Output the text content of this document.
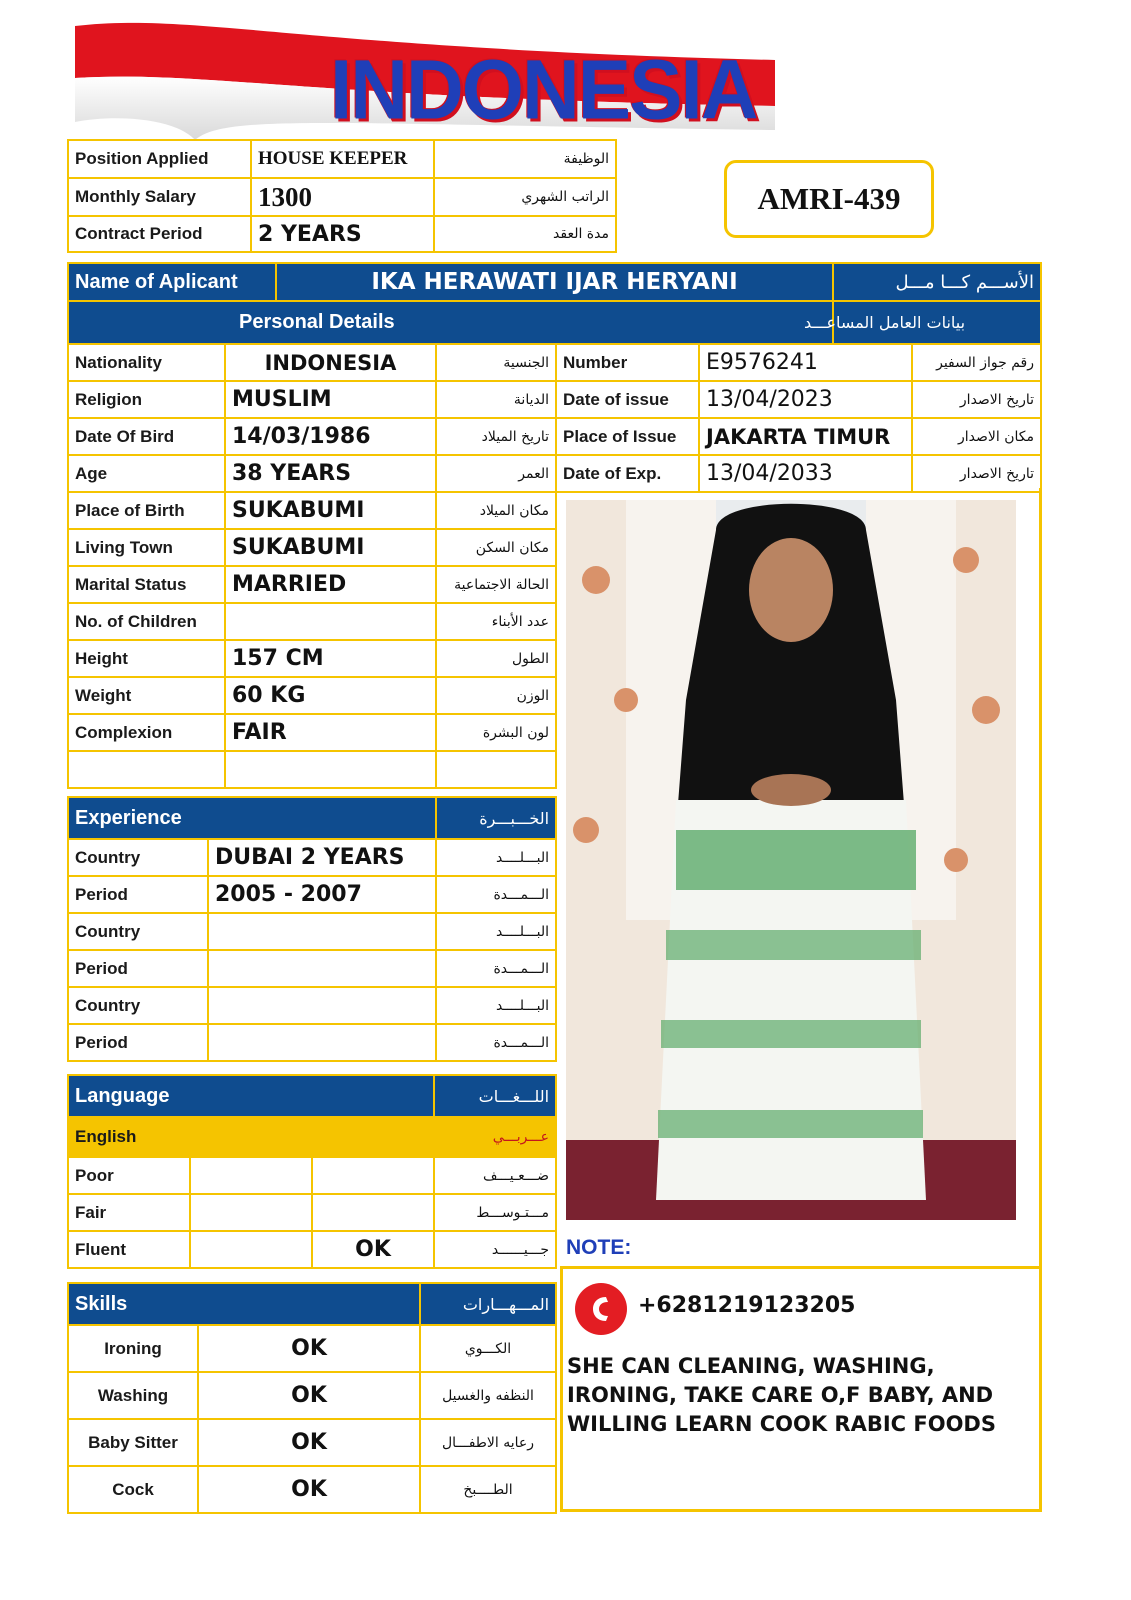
INDONESIA
Position Applied	HOUSE KEEPER	الوظيفة
Monthly Salary	1300	الراتب الشهري
Contract Period	2 YEARS	مدة العقد
AMRI-439
Name of Aplicant	IKA HERAWATI IJAR HERYANI	الأســـم كـــا مـــل
Personal Details		بيانات العامل المساعـــد
Nationality	INDONESIA	الجنسية
Religion	MUSLIM	الديانة
Date Of Bird	14/03/1986	تاريخ الميلاد
Age	38 YEARS	العمر
Place of Birth	SUKABUMI	مكان الميلاد
Living Town	SUKABUMI	مكان السكن
Marital Status	MARRIED	الحالة الاجتماعية
No. of Children		عدد الأبناء
Height	157 CM	الطول
Weight	60 KG	الوزن
Complexion	FAIR	لون البشرة

Number	E9576241	رقم جواز السفير
Date of issue	13/04/2023	تاريخ الاصدار
Place of Issue	JAKARTA TIMUR	مكان الاصدار
Date of Exp.	13/04/2033	تاريخ الاصدار
Experience		الخـــبـــرة
Country	DUBAI 2 YEARS	البـــلــــد
Period	2005 - 2007	الـــمـــدة
Country		البـــلــــد
Period		الـــمـــدة
Country		البـــلــــد
Period		الـــمـــدة
Language			اللـــغـــات
English			عـــربـــي
Poor			ضـــعـيـــف
Fair			مـــتـوســـط
Fluent		OK	جـــيــــــد
Skills		المـــهـــارات
Ironing	OK	الكـــوي
Washing	OK	النظفه والغسيل
Baby Sitter	OK	رعايه الاطفـــال
Cock	OK	الطــــبخ
NOTE:
+6281219123205
SHE CAN CLEANING, WASHING, IRONING, TAKE CARE O,F BABY, AND WILLING LEARN COOK RABIC FOODS
